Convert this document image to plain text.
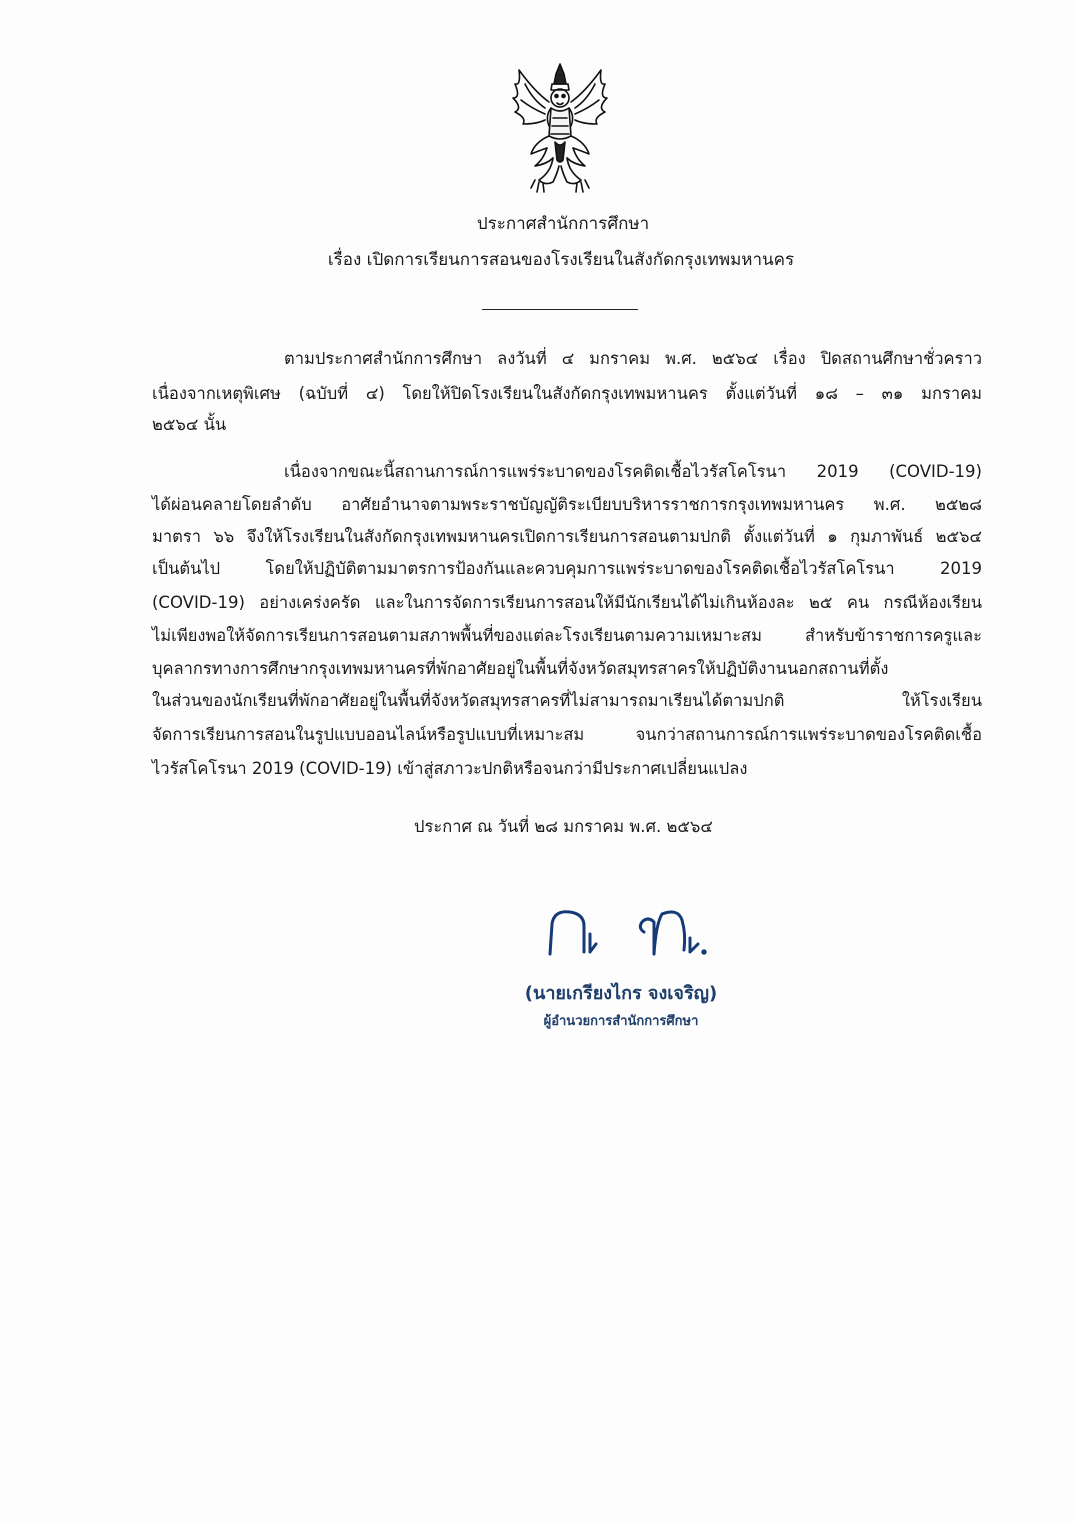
ประกาศสำนักการศึกษา
เรื่อง เปิดการเรียนการสอนของโรงเรียนในสังกัดกรุงเทพมหานคร
ตามประกาศสำนักการศึกษา ลงวันที่ ๔ มกราคม พ.ศ. ๒๕๖๔ เรื่อง ปิดสถานศึกษาชั่วคราว
เนื่องจากเหตุพิเศษ (ฉบับที่ ๔) โดยให้ปิดโรงเรียนในสังกัดกรุงเทพมหานคร ตั้งแต่วันที่ ๑๘ – ๓๑ มกราคม
๒๕๖๔ นั้น
เนื่องจากขณะนี้สถานการณ์การแพร่ระบาดของโรคติดเชื้อไวรัสโคโรนา 2019 (COVID-19)
ได้ผ่อนคลายโดยลำดับ อาศัยอำนาจตามพระราชบัญญัติระเบียบบริหารราชการกรุงเทพมหานคร พ.ศ. ๒๕๒๘
มาตรา ๖๖ จึงให้โรงเรียนในสังกัดกรุงเทพมหานครเปิดการเรียนการสอนตามปกติ ตั้งแต่วันที่ ๑ กุมภาพันธ์ ๒๕๖๔
เป็นต้นไป โดยให้ปฏิบัติตามมาตรการป้องกันและควบคุมการแพร่ระบาดของโรคติดเชื้อไวรัสโคโรนา 2019
(COVID-19) อย่างเคร่งครัด และในการจัดการเรียนการสอนให้มีนักเรียนได้ไม่เกินห้องละ ๒๕ คน กรณีห้องเรียน
ไม่เพียงพอให้จัดการเรียนการสอนตามสภาพพื้นที่ของแต่ละโรงเรียนตามความเหมาะสม สำหรับข้าราชการครูและ
บุคลากรทางการศึกษากรุงเทพมหานครที่พักอาศัยอยู่ในพื้นที่จังหวัดสมุทรสาครให้ปฏิบัติงานนอกสถานที่ตั้ง
ในส่วนของนักเรียนที่พักอาศัยอยู่ในพื้นที่จังหวัดสมุทรสาครที่ไม่สามารถมาเรียนได้ตามปกติ ให้โรงเรียน
จัดการเรียนการสอนในรูปแบบออนไลน์หรือรูปแบบที่เหมาะสม จนกว่าสถานการณ์การแพร่ระบาดของโรคติดเชื้อ
ไวรัสโคโรนา 2019 (COVID-19) เข้าสู่สภาวะปกติหรือจนกว่ามีประกาศเปลี่ยนแปลง
ประกาศ ณ วันที่ ๒๘ มกราคม พ.ศ. ๒๕๖๔
(นายเกรียงไกร จงเจริญ)
ผู้อำนวยการสำนักการศึกษา
